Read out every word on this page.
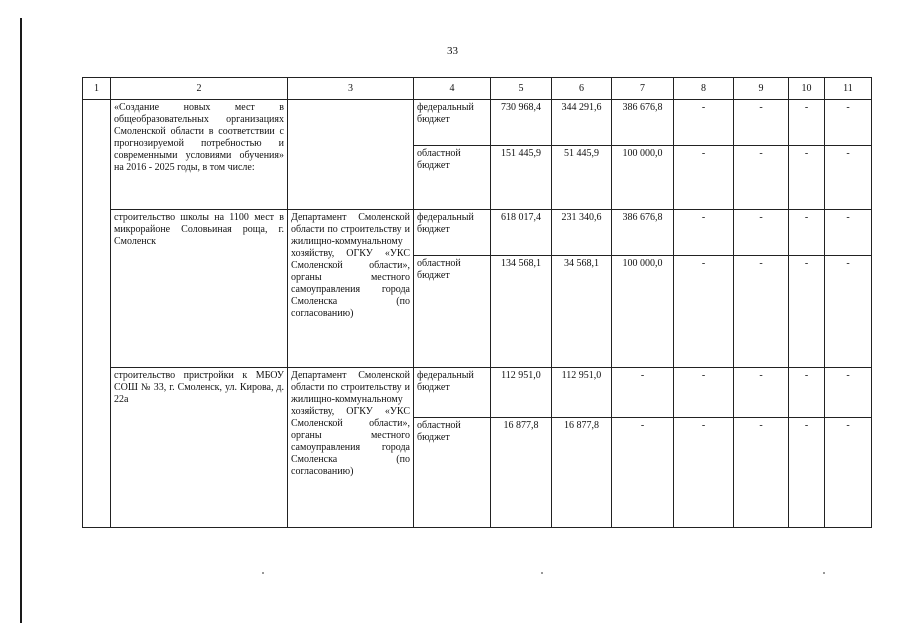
33
1	2	3	4	5	6	7	8	9	10	11
	«Создание новых мест в общеобразовательных организациях Смоленской области в соответствии с прогнозируемой потребностью и современными условиями обучения» на 2016 - 2025 годы, в том числе:		федеральный бюджет	730 968,4	344 291,6	386 676,8	-	-	-	-
			областной бюджет	151 445,9	51 445,9	100 000,0	-	-	-	-
	строительство школы на 1100 мест в микрорайоне Соловьиная роща, г. Смоленск	Департамент Смоленской области по строительству и жилищно-коммунальному хозяйству, ОГКУ «УКС Смоленской области», органы местного самоуправления города Смоленска (по согласованию)	федеральный бюджет	618 017,4	231 340,6	386 676,8	-	-	-	-
			областной бюджет	134 568,1	34 568,1	100 000,0	-	-	-	-
	строительство пристройки к МБОУ СОШ № 33, г. Смоленск, ул. Кирова, д. 22а	Департамент Смоленской области по строительству и жилищно-коммунальному хозяйству, ОГКУ «УКС Смоленской области», органы местного самоуправления города Смоленска (по согласованию)	федеральный бюджет	112 951,0	112 951,0	-	-	-	-	-
			областной бюджет	16 877,8	16 877,8	-	-	-	-	-
